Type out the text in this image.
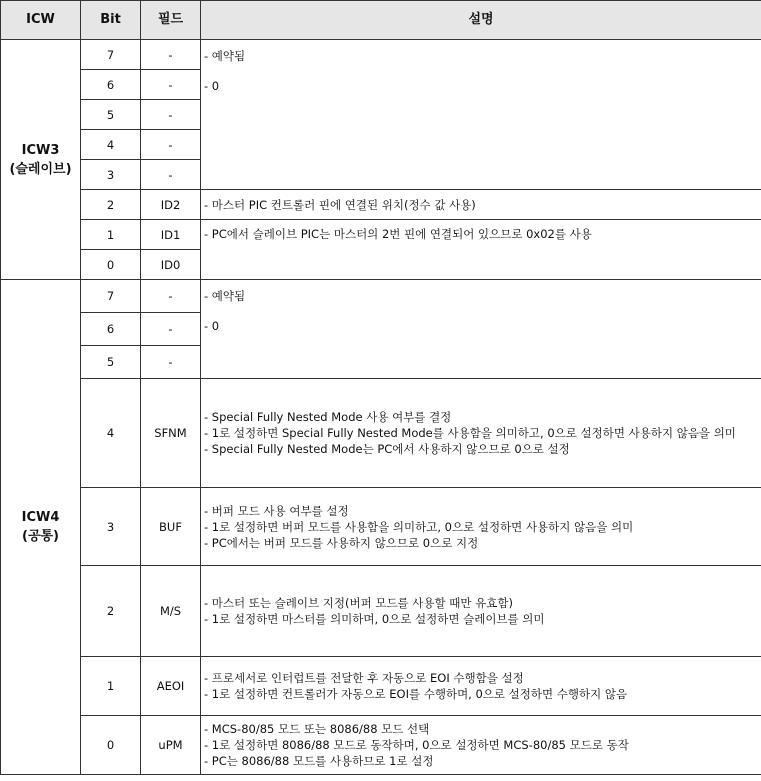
ICW	Bit	필드	설명

ICW3
(슬레이브)	7	-	- 예약됨
- 0

	6	-	
	5	-	
	4	-	
	3	-	
	2	ID2	- 마스터 PIC 컨트롤러 핀에 연결된 위치(정수 값 사용)
	1	ID1	- PC에서 슬레이브 PIC는 마스터의 2번 핀에 연결되어 있으므로 0x02를 사용
	0	ID0	

ICW4
(공통)	7	-	- 예약됨
- 0

	6	-	
	5	-	
	4	SFNM	- Special Fully Nested Mode 사용 여부를 결정
- 1로 설정하면 Special Fully Nested Mode를 사용함을 의미하고, 0으로 설정하면 사용하지 않음을 의미
- Special Fully Nested Mode는 PC에서 사용하지 않으므로 0으로 설정

	3	BUF	- 버퍼 모드 사용 여부를 설정
- 1로 설정하면 버퍼 모드를 사용함을 의미하고, 0으로 설정하면 사용하지 않음을 의미
- PC에서는 버퍼 모드를 사용하지 않으므로 0으로 지정

	2	M/S	- 마스터 또는 슬레이브 지정(버퍼 모드를 사용할 때만 유효함)
- 1로 설정하면 마스터를 의미하며, 0으로 설정하면 슬레이브를 의미

	1	AEOI	- 프로세서로 인터럽트를 전달한 후 자동으로 EOI 수행함을 설정
- 1로 설정하면 컨트롤러가 자동으로 EOI를 수행하며, 0으로 설정하면 수행하지 않음

	0	uPM	- MCS-80/85 모드 또는 8086/88 모드 선택
- 1로 설정하면 8086/88 모드로 동작하며, 0으로 설정하면 MCS-80/85 모드로 동작
- PC는 8086/88 모드를 사용하므로 1로 설정
